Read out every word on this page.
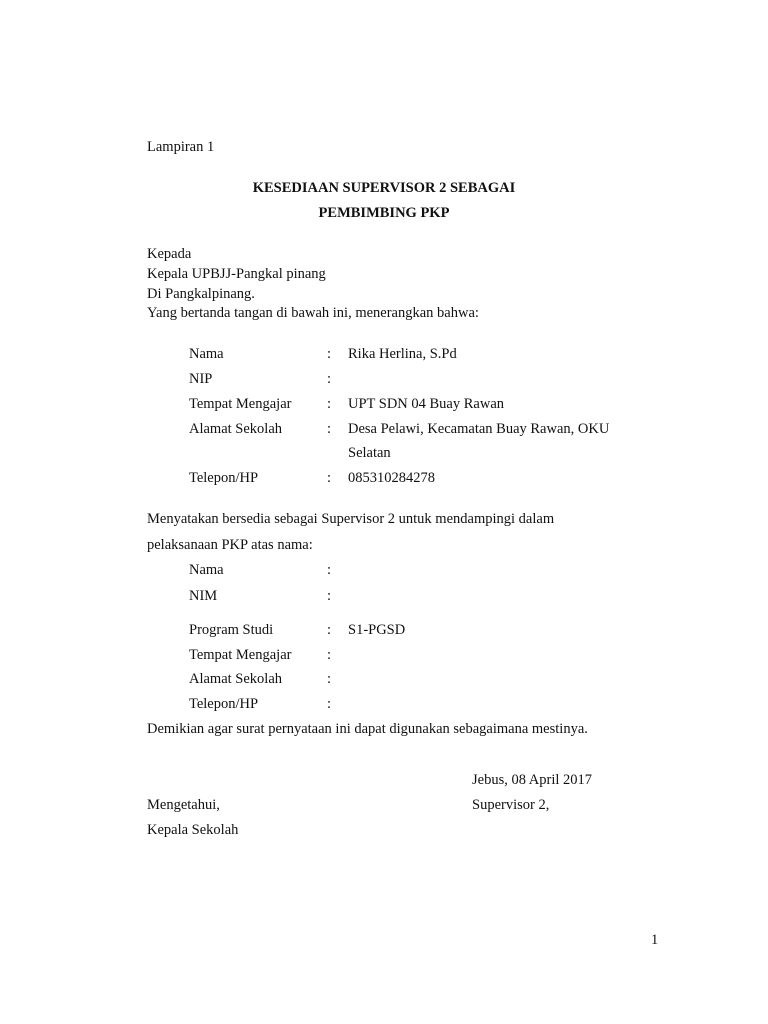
Lampiran 1
KESEDIAAN SUPERVISOR 2 SEBAGAI
PEMBIMBING PKP
Kepada
Kepala UPBJJ-Pangkal pinang
Di Pangkalpinang.
Yang bertanda tangan di bawah ini, menerangkan bahwa:
Nama	: Rika Herlina, S.Pd
NIP	:
Tempat Mengajar : UPT SDN 04 Buay Rawan
Alamat Sekolah	: Desa Pelawi, Kecamatan Buay Rawan, OKU
Selatan
Telepon/HP	: 085310284278
Menyatakan bersedia sebagai Supervisor 2 untuk mendampingi dalam
pelaksanaan PKP atas nama:
Nama	:
NIM	:
Program Studi	: S1-PGSD
Tempat Mengajar :
Alamat Sekolah	:
Telepon/HP	:
Demikian agar surat pernyataan ini dapat digunakan sebagaimana mestinya.
Jebus, 08 April 2017
Mengetahui,	Supervisor 2,
Kepala Sekolah
1
